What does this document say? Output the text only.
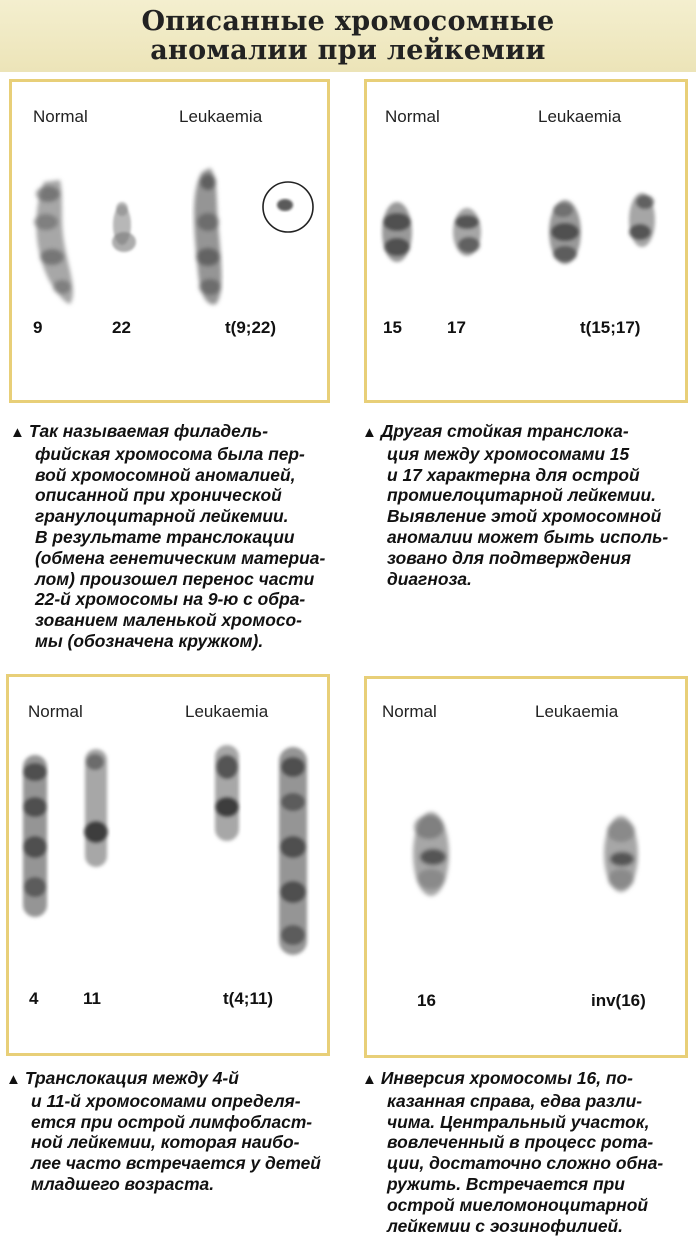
Описанные хромосомные
аномалии при лейкемии
Normal	Leukaemia
9	22	t(9;22)
Normal	Leukaemia
15	17	t(15;17)
▲ Так называемая филадель-
фийская хромосома была пер-
вой хромосомной аномалией,
описанной при хронической
гранулоцитарной лейкемии.
В результате транслокации
(обмена генетическим материа-
лом) произошел перенос части
22-й хромосомы на 9-ю с обра-
зованием маленькой хромосо-
мы (обозначена кружком).
▲ Другая стойкая транслока-
ция между хромосомами 15
и 17 характерна для острой
промиелоцитарной лейкемии.
Выявление этой хромосомной
аномалии может быть исполь-
зовано для подтверждения
диагноза.
Normal	Leukaemia
4	11	t(4;11)
Normal	Leukaemia
16	inv(16)
▲ Транслокация между 4-й
и 11-й хромосомами определя-
ется при острой лимфобласт-
ной лейкемии, которая наибо-
лее часто встречается у детей
младшего возраста.
▲ Инверсия хромосомы 16, по-
казанная справа, едва разли-
чима. Центральный участок,
вовлеченный в процесс рота-
ции, достаточно сложно обна-
ружить. Встречается при
острой миеломоноцитарной
лейкемии с эозинофилией.
